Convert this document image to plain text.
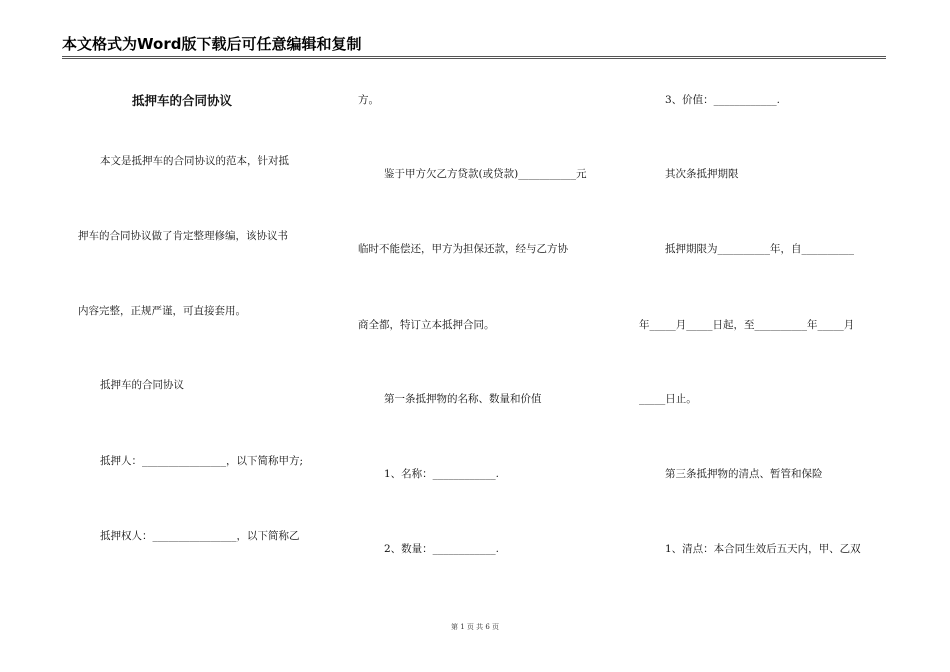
本文格式为Word版下载后可任意编辑和复制
抵押车的合同协议
本文是抵押车的合同协议的范本，针对抵
押车的合同协议做了肯定整理修编，该协议书
内容完整，正规严谨，可直接套用。
抵押车的合同协议
抵押人：________________，以下简称甲方;
抵押权人：________________，以下简称乙
方。
鉴于甲方欠乙方贷款(或贷款)___________元
临时不能偿还，甲方为担保还款，经与乙方协
商全都，特订立本抵押合同。
第一条抵押物的名称、数量和价值
1、名称：____________.
2、数量：____________.
3、价值：____________.
其次条抵押期限
抵押期限为__________年，自__________
年_____月_____日起，至__________年_____月
_____日止。
第三条抵押物的清点、暂管和保险
1、清点：本合同生效后五天内，甲、乙双
第 1 页 共 6 页
